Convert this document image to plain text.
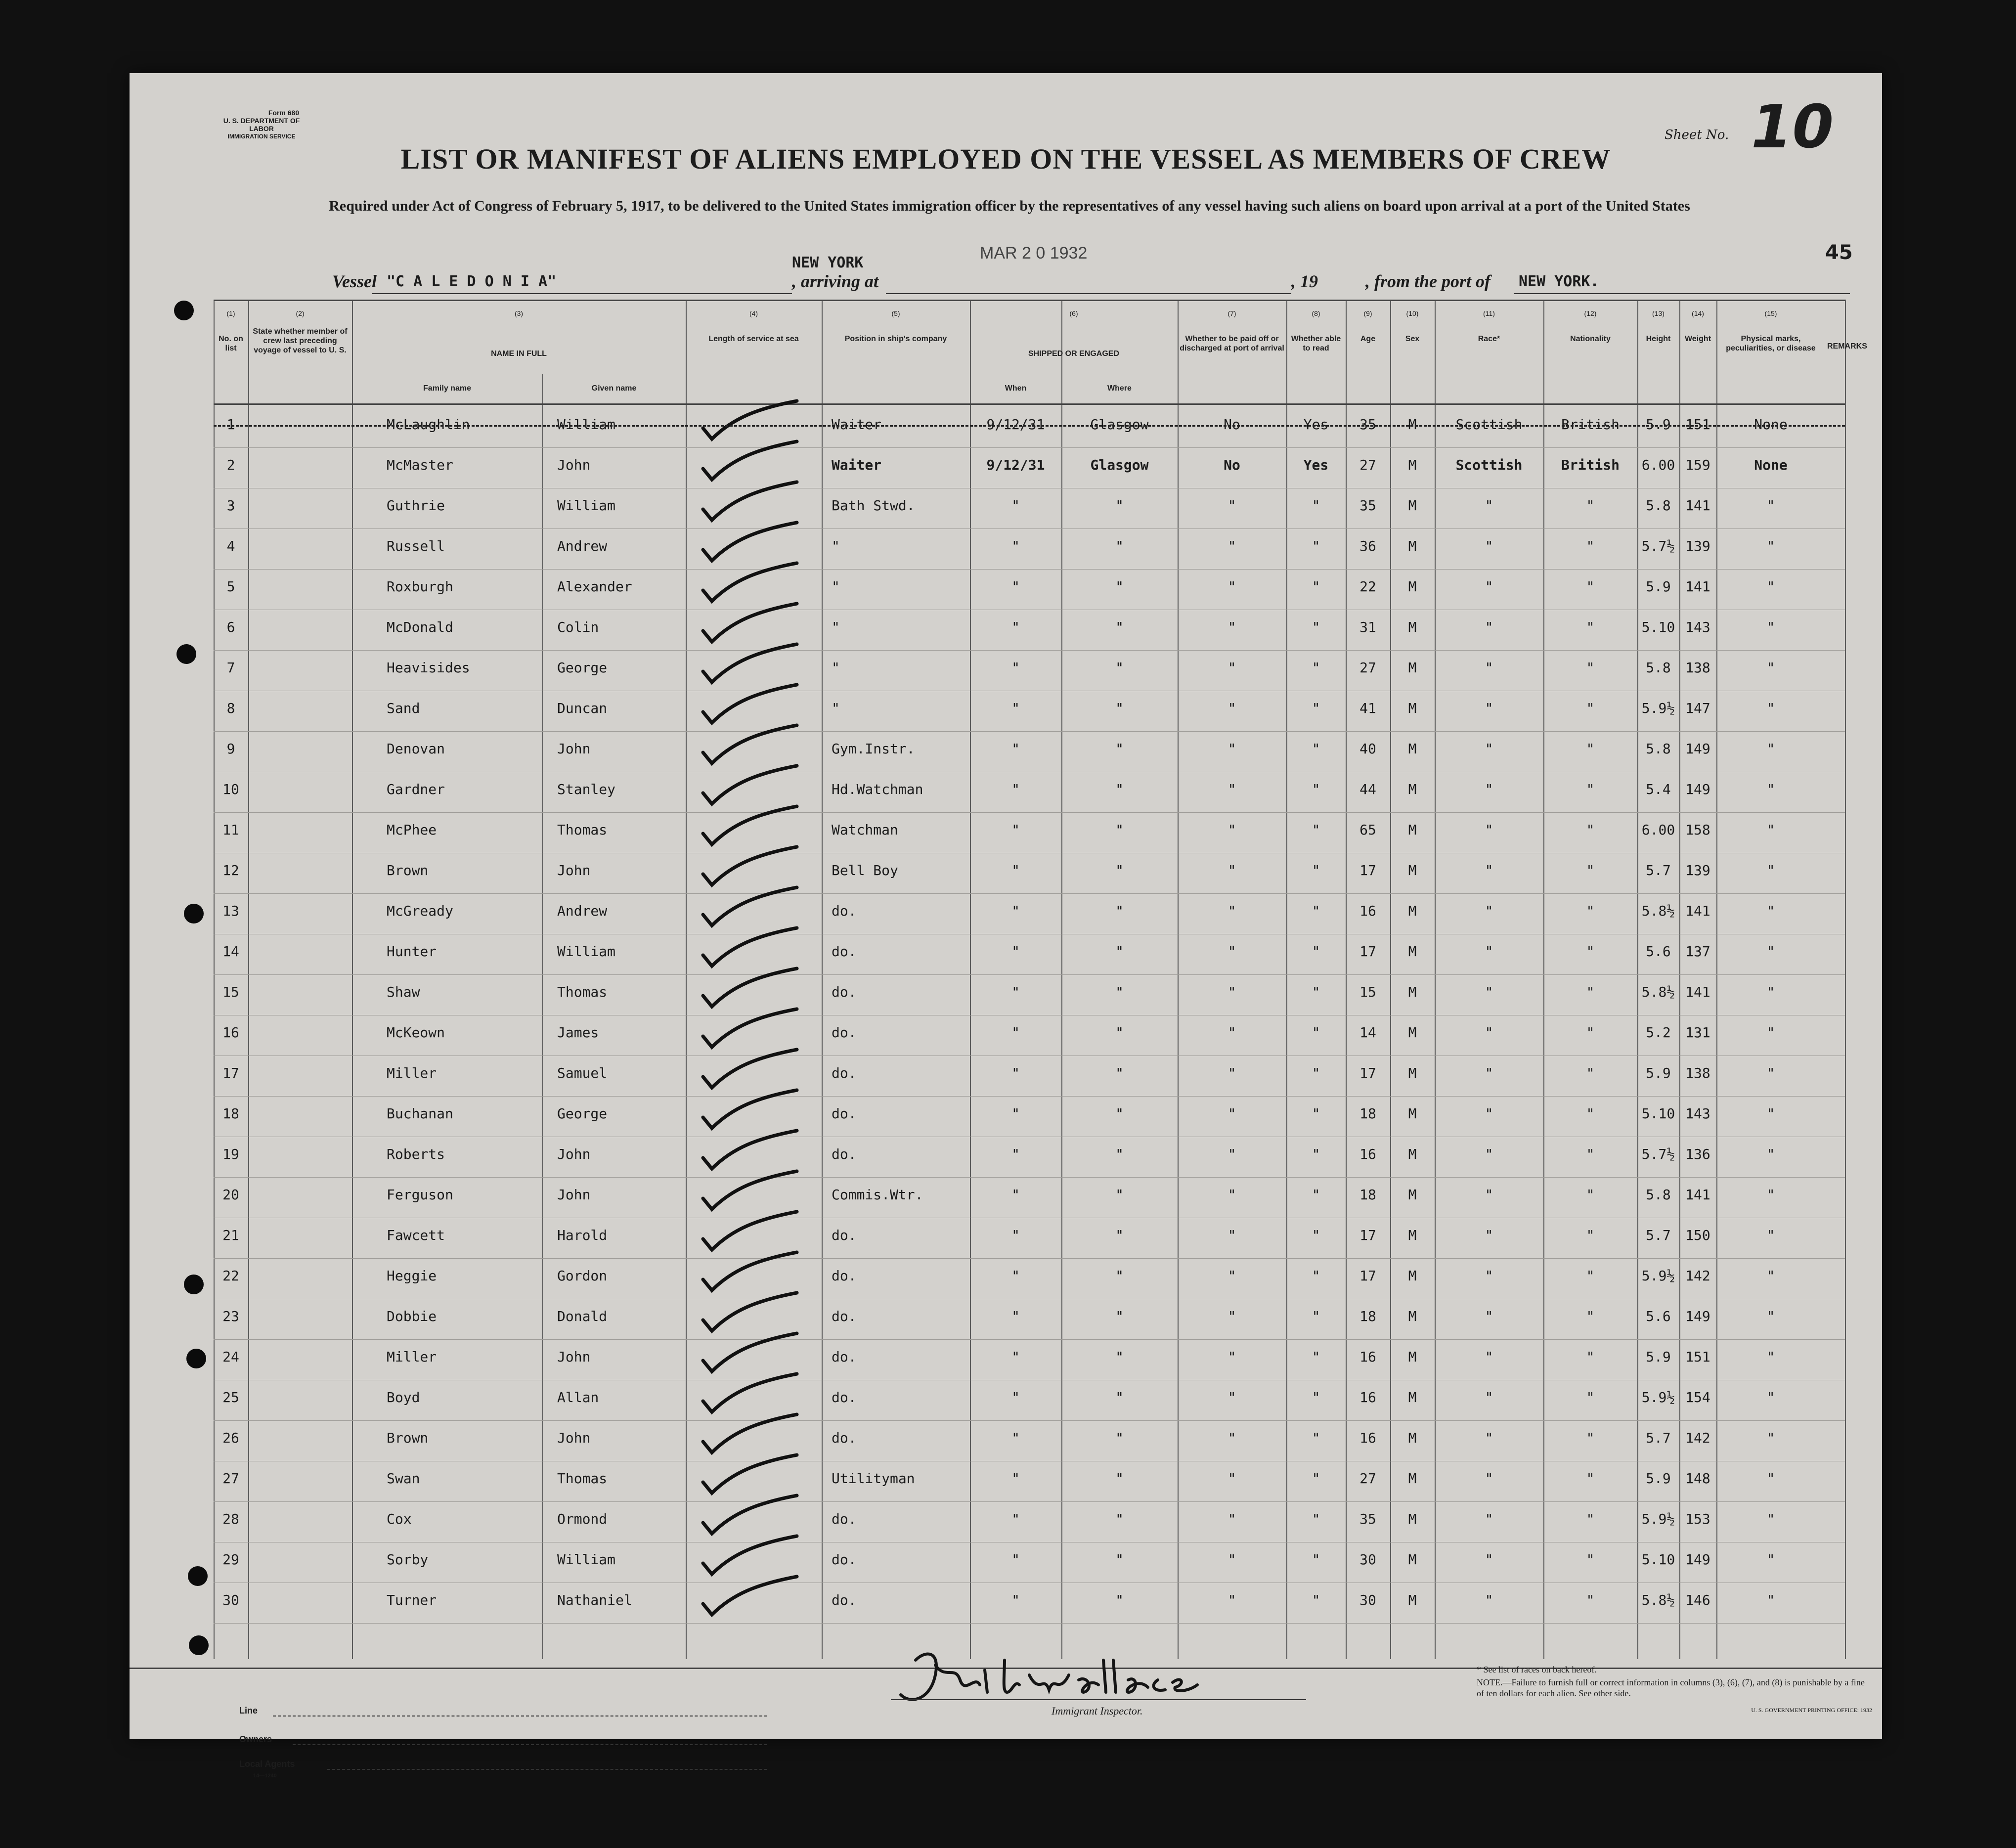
Form 680
U. S. DEPARTMENT OF LABOR
IMMIGRATION SERVICE	Sheet No. 10
LIST OR MANIFEST OF ALIENS EMPLOYED ON THE VESSEL AS MEMBERS OF CREW
Required under Act of Congress of February 5, 1917, to be delivered to the United States immigration officer by the representatives of any vessel having such aliens on board upon arrival at a port of the United States
Vessel "C A L E D O N I A"	, arriving at
NEW YORK
MAR 2 0 1932
, 19	, from the port of NEW YORK.
45
(1)
No. on list
(2)
State whether member of crew last preceding voyage of vessel to U. S.
(3)
NAME IN FULL
(4)
Length of service at sea
(5)
Position in ship's company
(6)
SHIPPED OR ENGAGED
(7)
Whether to be paid off or discharged at port of arrival
(8)
Whether able to read
(9)
Age
(10)
Sex
(11)
Race*
(12)
Nationality
(13)
Height
(14)
Weight
(15)
Physical marks, peculiarities, or disease	REMARKS
Family name	Given name	When	Where
1	McLaughlin	William	Waiter	9/12/31	Glasgow	No	Yes	35	M	Scottish	British	5.9	151	None
2	McMaster	John	Waiter	9/12/31	Glasgow	No	Yes	27	M	Scottish	British	6.00 159	None
3	Guthrie	William	Bath Stwd.	"	"	"	"	35	M	"	"	5.8	141	"
4	Russell	Andrew	"	"	"	"	"	36	M	"	"	5.7½ 139	"
5	Roxburgh	Alexander	"	"	"	"	"	22	M	"	"	5.9	141	"
6	McDonald	Colin	"	"	"	"	"	31	M	"	"	5.10 143	"
7	Heavisides	George	"	"	"	"	"	27	M	"	"	5.8	138	"
8	Sand	Duncan	"	"	"	"	"	41	M	"	"	5.9½ 147	"
9	Denovan	John	Gym.Instr.	"	"	"	"	40	M	"	"	5.8	149	"
10	Gardner	Stanley	Hd.Watchman	"	"	"	"	44	M	"	"	5.4	149	"
11	McPhee	Thomas	Watchman	"	"	"	"	65	M	"	"	6.00 158	"
12	Brown	John	Bell Boy	"	"	"	"	17	M	"	"	5.7	139	"
13	McGready	Andrew	do.	"	"	"	"	16	M	"	"	5.8½ 141	"
14	Hunter	William	do.	"	"	"	"	17	M	"	"	5.6	137	"
15	Shaw	Thomas	do.	"	"	"	"	15	M	"	"	5.8½ 141	"
16	McKeown	James	do.	"	"	"	"	14	M	"	"	5.2	131	"
17	Miller	Samuel	do.	"	"	"	"	17	M	"	"	5.9	138	"
18	Buchanan	George	do.	"	"	"	"	18	M	"	"	5.10 143	"
19	Roberts	John	do.	"	"	"	"	16	M	"	"	5.7½ 136	"
20	Ferguson	John	Commis.Wtr.	"	"	"	"	18	M	"	"	5.8	141	"
21	Fawcett	Harold	do.	"	"	"	"	17	M	"	"	5.7	150	"
22	Heggie	Gordon	do.	"	"	"	"	17	M	"	"	5.9½ 142	"
23	Dobbie	Donald	do.	"	"	"	"	18	M	"	"	5.6	149	"
24	Miller	John	do.	"	"	"	"	16	M	"	"	5.9	151	"
25	Boyd	Allan	do.	"	"	"	"	16	M	"	"	5.9½ 154	"
26	Brown	John	do.	"	"	"	"	16	M	"	"	5.7	142	"
27	Swan	Thomas	Utilityman	"	"	"	"	27	M	"	"	5.9	148	"
28	Cox	Ormond	do.	"	"	"	"	35	M	"	"	5.9½ 153	"
29	Sorby	William	do.	"	"	"	"	30	M	"	"	5.10 149	"
30	Turner	Nathaniel	do.	"	"	"	"	30	M	"	"	5.8½ 146	"
Line
Owners
Local Agents
14—1240
Immigrant Inspector.
* See list of races on back hereof.
NOTE.—Failure to furnish full or correct information in columns (3), (6), (7), and (8) is punishable by a fine of ten dollars for each alien. See other side.
U. S. GOVERNMENT PRINTING OFFICE: 1932
